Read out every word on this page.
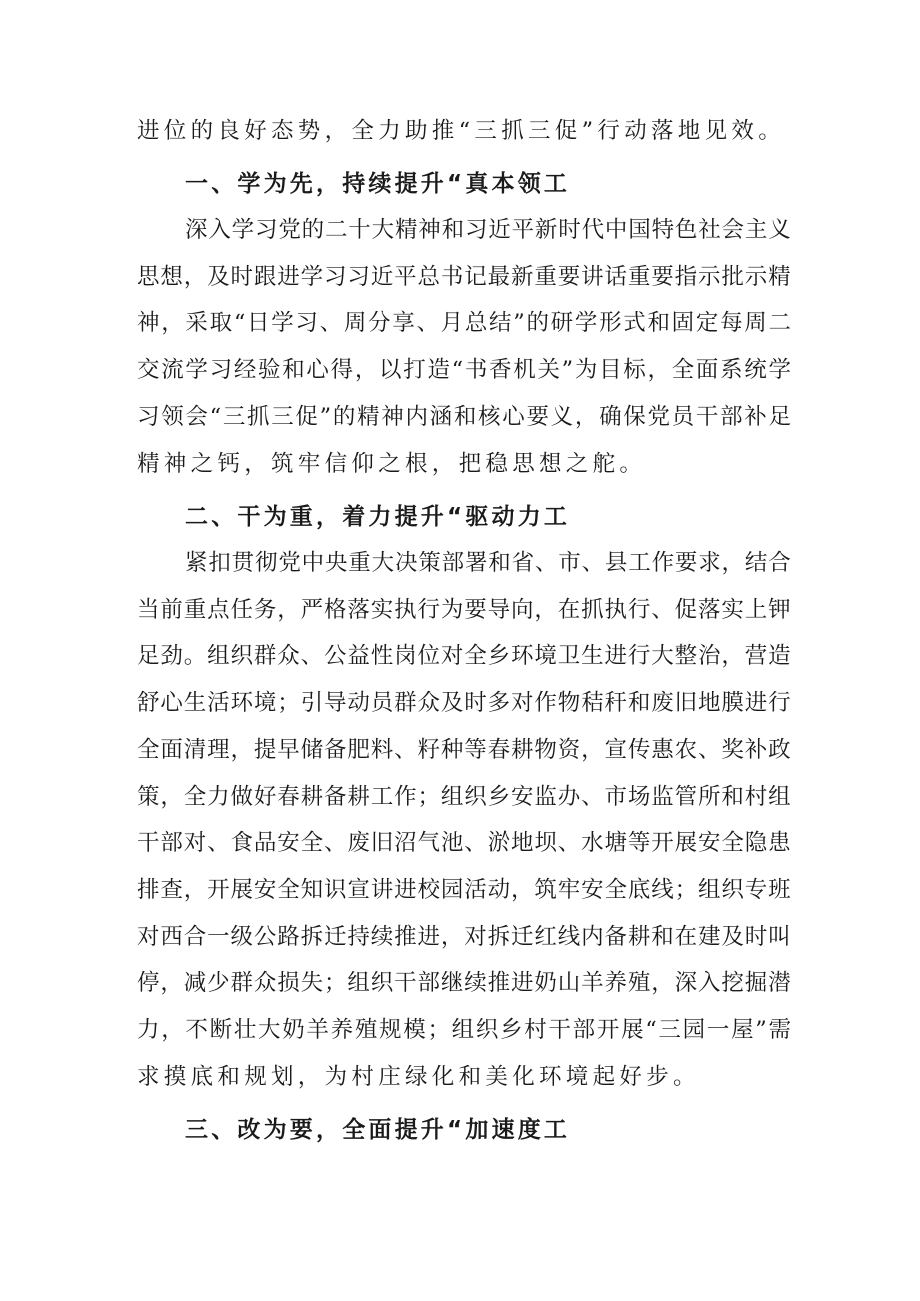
进位的良好态势，全力助推“三抓三促”行动落地见效。
一、学为先，持续提升“真本领工
深 入 学 习 党 的 二 十 大 精 神 和 习 近 平 新 时 代 中 国 特 色 社 会 主 义
思 想 ， 及 时 跟 进 学 习 习 近 平 总 书 记 最 新 重 要 讲 话 重 要 指 示 批 示 精
神 ， 采 取 “ 日 学 习 、 周 分 享 、 月 总 结 ” 的 研 学 形 式 和 固 定 每 周 二
交 流 学 习 经 验 和 心 得 ， 以 打 造 “ 书 香 机 关 ” 为 目 标 ， 全 面 系 统 学
习 领 会 “ 三 抓 三 促 ” 的 精 神 内 涵 和 核 心 要 义 ， 确 保 党 员 干 部 补 足
精神之钙，筑牢信仰之根，把稳思想之舵。
二、干为重，着力提升“驱动力工
紧 扣 贯 彻 党 中 央 重 大 决 策 部 署 和 省 、 市 、 县 工 作 要 求 ， 结 合
当 前 重 点 任 务 ， 严 格 落 实 执 行 为 要 导 向 ， 在 抓 执 行 、 促 落 实 上 钾
足 劲 。 组 织 群 众 、 公 益 性 岗 位 对 全 乡 环 境 卫 生 进 行 大 整 治 ， 营 造
舒 心 生 活 环 境 ； 引 导 动 员 群 众 及 时 多 对 作 物 秸 秆 和 废 旧 地 膜 进 行
全 面 清 理 ， 提 早 储 备 肥 料 、 籽 种 等 春 耕 物 资 ， 宣 传 惠 农 、 奖 补 政
策 ， 全 力 做 好 春 耕 备 耕 工 作 ； 组 织 乡 安 监 办 、 市 场 监 管 所 和 村 组
干 部 对 、 食 品 安 全 、 废 旧 沼 气 池 、 淤 地 坝 、 水 塘 等 开 展 安 全 隐 患
排 查 ， 开 展 安 全 知 识 宣 讲 进 校 园 活 动 ， 筑 牢 安 全 底 线 ； 组 织 专 班
对 西 合 一 级 公 路 拆 迁 持 续 推 进 ， 对 拆 迁 红 线 内 备 耕 和 在 建 及 时 叫
停 ， 减 少 群 众 损 失 ； 组 织 干 部 继 续 推 进 奶 山 羊 养 殖 ， 深 入 挖 掘 潜
力 ， 不 断 壮 大 奶 羊 养 殖 规 模 ； 组 织 乡 村 干 部 开 展 “ 三 园 一 屋 ” 需
求摸底和规划，为村庄绿化和美化环境起好步。
三、改为要，全面提升“加速度工
